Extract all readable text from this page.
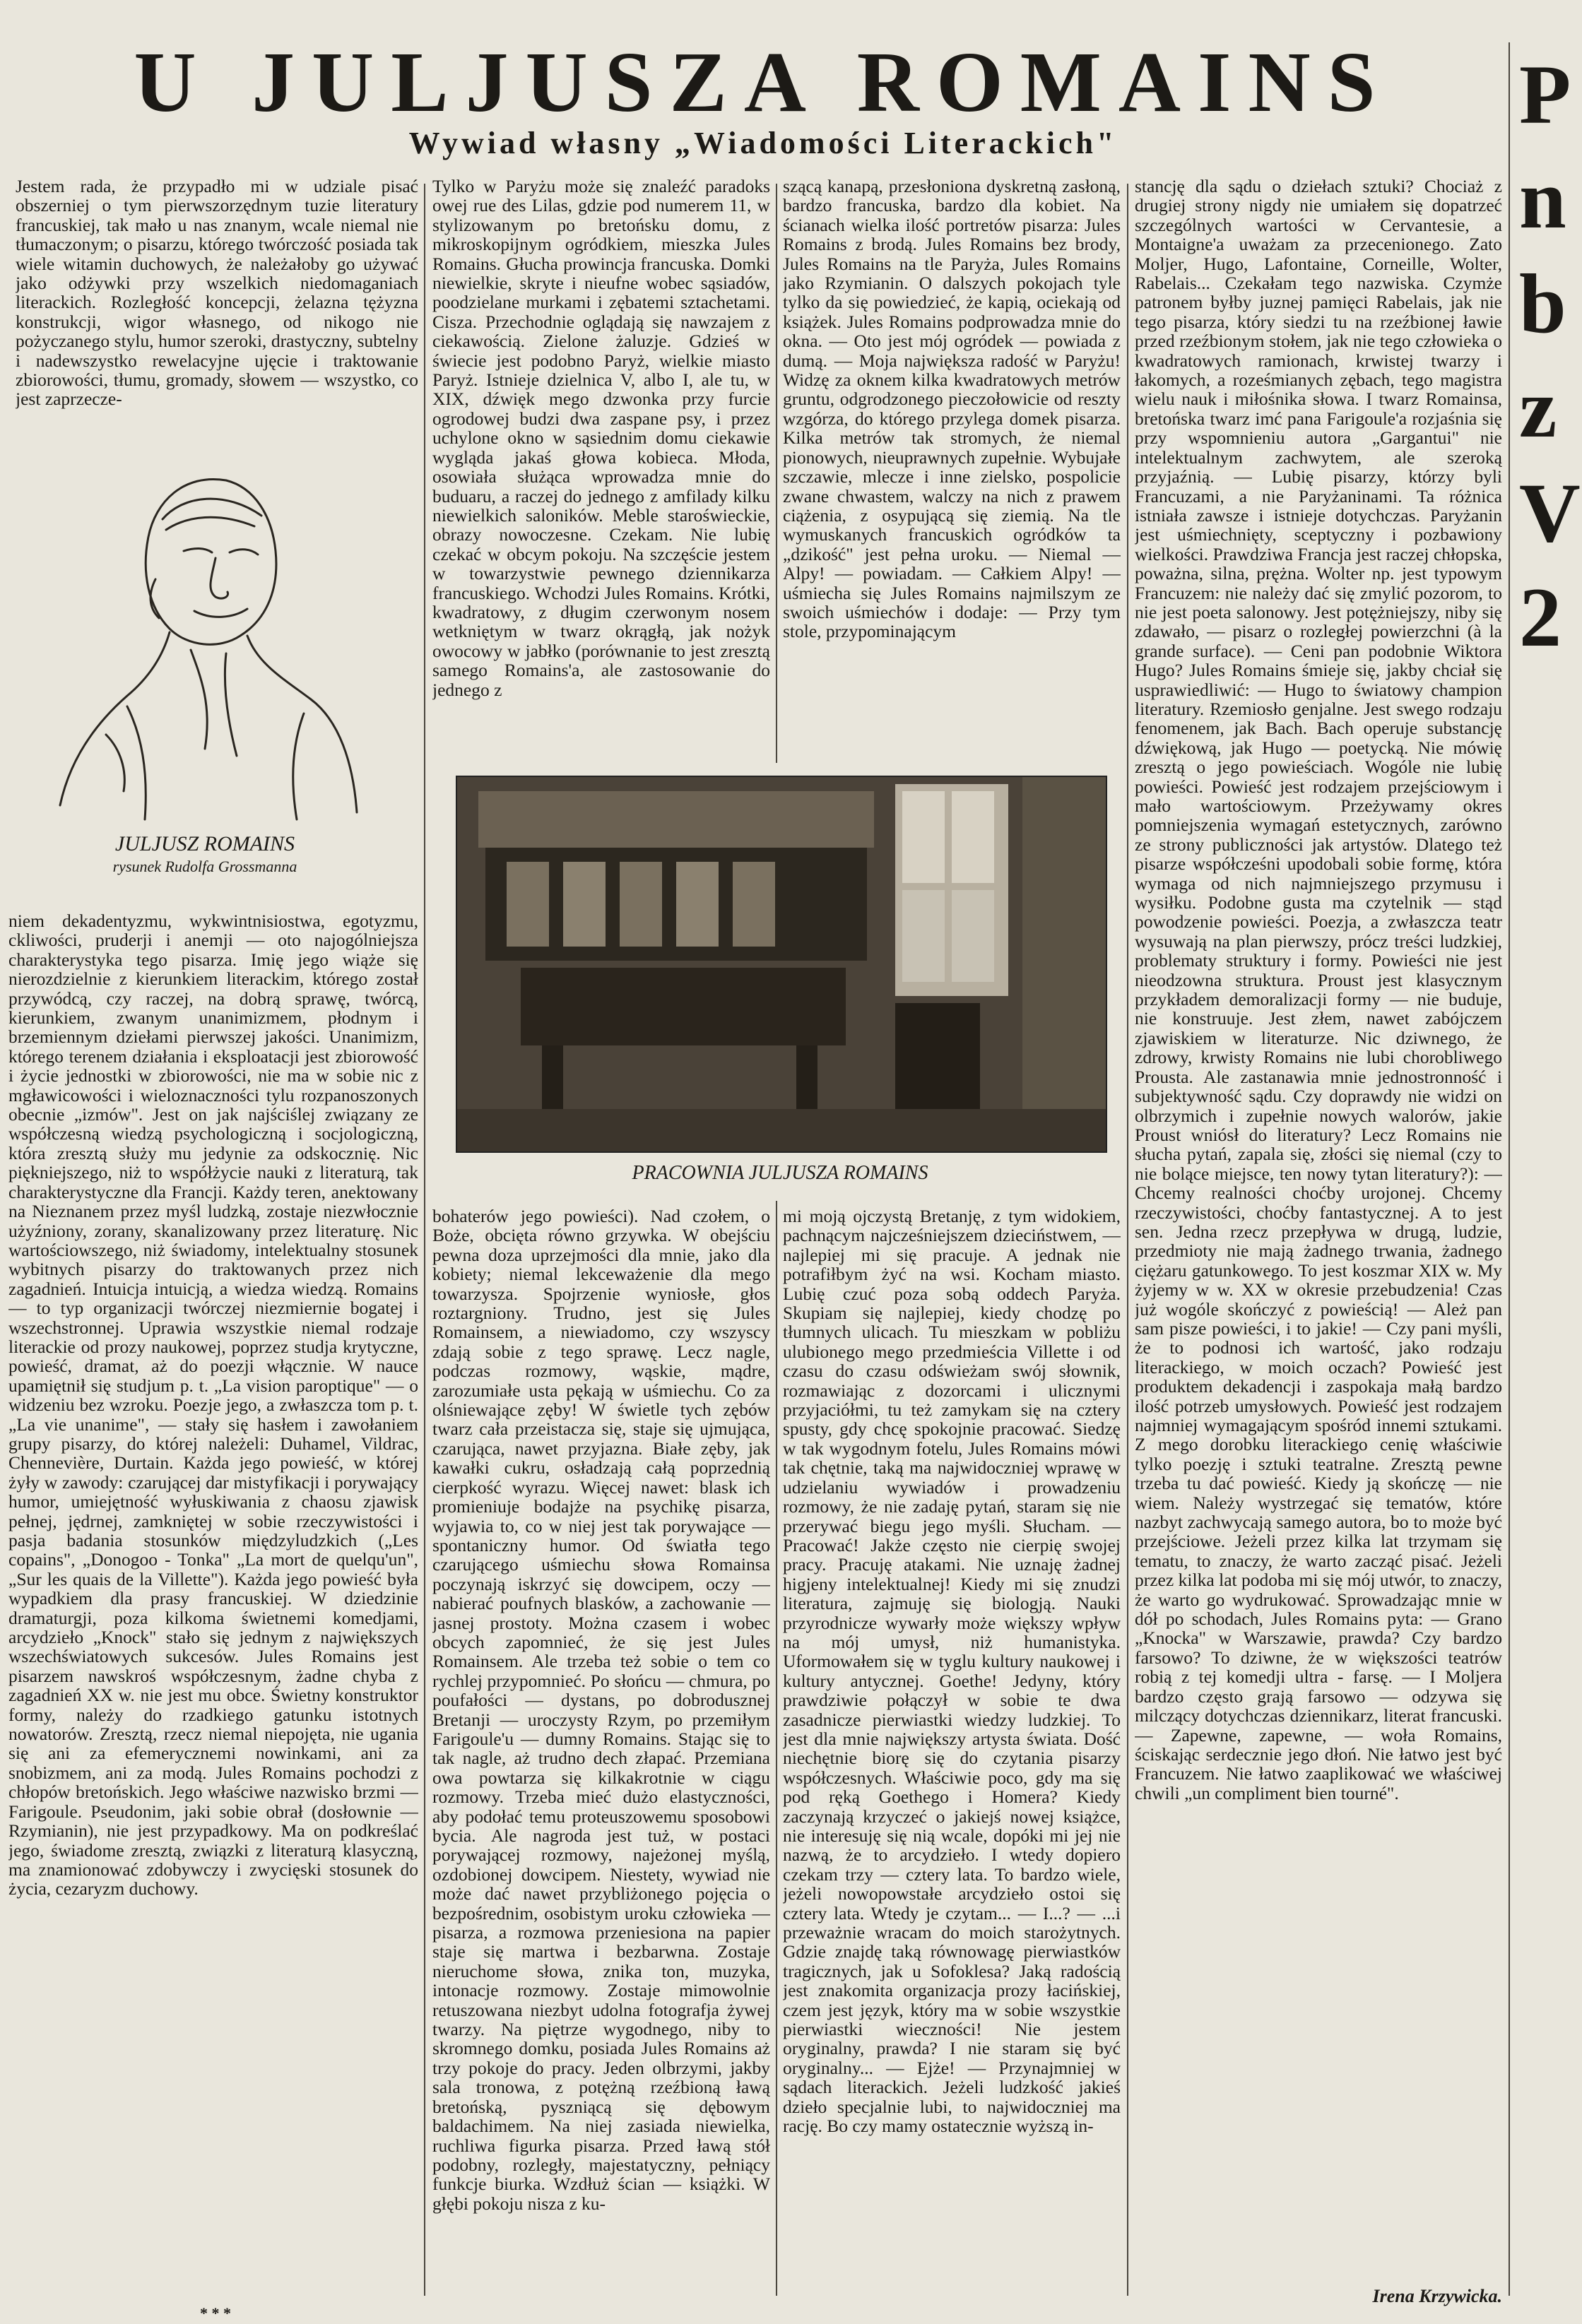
U JULJUSZA ROMAINS
Wywiad własny „Wiadomości Literackich"
P
n
b
z
V
2

Jestem rada, że przypadło mi w udziale pisać obszerniej o tym pierwszorzędnym tuzie literatury francuskiej, tak mało u nas znanym, wcale niemal nie tłumaczonym; o pisarzu, którego twórczość posiada tak wiele witamin duchowych, że należałoby go używać jako odżywki przy wszelkich niedomaganiach literackich. Rozległość koncepcji, żelazna tężyzna konstrukcji, wigor własnego, od nikogo nie pożyczanego stylu, humor szeroki, drastyczny, subtelny i nadewszystko rewelacyjne ujęcie i traktowanie zbiorowości, tłumu, gromady, słowem — wszystko, co jest zaprzecze-

JULJUSZ ROMAINS
rysunek Rudolfa Grossmanna

Tylko w Paryżu może się znaleźć paradoks owej rue des Lilas, gdzie pod numerem 11, w stylizowanym po bretońsku domu, z mikroskopijnym ogródkiem, mieszka Jules Romains. Głucha prowincja francuska. Domki niewielkie, skryte i nieufne wobec sąsiadów, poodzielane murkami i zębatemi sztachetami. Cisza. Przechodnie oglądają się nawzajem z ciekawością. Zielone żaluzje. Gdzieś w świecie jest podobno Paryż, wielkie miasto Paryż. Istnieje dzielnica V, albo I, ale tu, w XIX, dźwięk mego dzwonka przy furcie ogrodowej budzi dwa zaspane psy, i przez uchylone okno w sąsiednim domu ciekawie wygląda jakaś głowa kobieca. Młoda, osowiała służąca wprowadza mnie do buduaru, a raczej do jednego z amfilady kilku niewielkich saloników. Meble staroświeckie, obrazy nowoczesne. Czekam. Nie lubię czekać w obcym pokoju. Na szczęście jestem w towarzystwie pewnego dziennikarza francuskiego. Wchodzi Jules Romains. Krótki, kwadratowy, z długim czerwonym nosem wetkniętym w twarz okrągłą, jak nożyk owocowy w jabłko (porównanie to jest zresztą samego Romains'a, ale zastosowanie do jednego z

szącą kanapą, przesłoniona dyskretną zasłoną, bardzo francuska, bardzo dla kobiet. Na ścianach wielka ilość portretów pisarza: Jules Romains z brodą. Jules Romains bez brody, Jules Romains na tle Paryża, Jules Romains jako Rzymianin. O dalszych pokojach tyle tylko da się powiedzieć, że kapią, ociekają od książek. Jules Romains podprowadza mnie do okna. — Oto jest mój ogródek — powiada z dumą. — Moja największa radość w Paryżu! Widzę za oknem kilka kwadratowych metrów gruntu, odgrodzonego pieczołowicie od reszty wzgórza, do którego przylega domek pisarza. Kilka metrów tak stromych, że niemal pionowych, nieuprawnych zupełnie. Wybujałe szczawie, mlecze i inne zielsko, pospolicie zwane chwastem, walczy na nich z prawem ciążenia, z osypującą się ziemią. Na tle wymuskanych francuskich ogródków ta „dzikość" jest pełna uroku. — Niemal — Alpy! — powiadam. — Całkiem Alpy! — uśmiecha się Jules Romains najmilszym ze swoich uśmiechów i dodaje: — Przy tym stole, przypominającym

PRACOWNIA JULJUSZA ROMAINS

niem dekadentyzmu, wykwintnisiostwa, egotyzmu, ckliwości, pruderji i anemji — oto najogólniejsza charakterystyka tego pisarza. Imię jego wiąże się nierozdzielnie z kierunkiem literackim, którego został przywódcą, czy raczej, na dobrą sprawę, twórcą, kierunkiem, zwanym unanimizmem, płodnym i brzemiennym dziełami pierwszej jakości. Unanimizm, którego terenem działania i eksploatacji jest zbiorowość i życie jednostki w zbiorowości, nie ma w sobie nic z mgławicowości i wieloznaczności tylu rozpanoszonych obecnie „izmów". Jest on jak najściślej związany ze współczesną wiedzą psychologiczną i socjologiczną, która zresztą służy mu jedynie za odskocznię. Nic piękniejszego, niż to współżycie nauki z literaturą, tak charakterystyczne dla Francji. Każdy teren, anektowany na Nieznanem przez myśl ludzką, zostaje niezwłocznie użyźniony, zorany, skanalizowany przez literaturę. Nic wartościowszego, niż świadomy, intelektualny stosunek wybitnych pisarzy do traktowanych przez nich zagadnień. Intuicja intuicją, a wiedza wiedzą. Romains — to typ organizacji twórczej niezmiernie bogatej i wszechstronnej. Uprawia wszystkie niemal rodzaje literackie od prozy naukowej, poprzez studja krytyczne, powieść, dramat, aż do poezji włącznie. W nauce upamiętnił się studjum p. t. „La vision paroptique" — o widzeniu bez wzroku. Poezje jego, a zwłaszcza tom p. t. „La vie unanime", — stały się hasłem i zawołaniem grupy pisarzy, do której należeli: Duhamel, Vildrac, Chennevière, Durtain. Każda jego powieść, w której żyły w zawody: czarującej dar mistyfikacji i porywający humor, umiejętność wyłuskiwania z chaosu zjawisk pełnej, jędrnej, zamkniętej w sobie rzeczywistości i pasja badania stosunków międzyludzkich („Les copains", „Donogoo - Tonka" „La mort de quelqu'un", „Sur les quais de la Villette"). Każda jego powieść była wypadkiem dla prasy francuskiej. W dziedzinie dramaturgji, poza kilkoma świetnemi komedjami, arcydzieło „Knock" stało się jednym z największych wszechświatowych sukcesów. Jules Romains jest pisarzem nawskroś współczesnym, żadne chyba z zagadnień XX w. nie jest mu obce. Świetny konstruktor formy, należy do rzadkiego gatunku istotnych nowatorów. Zresztą, rzecz niemal niepojęta, nie ugania się ani za efemerycznemi nowinkami, ani za snobizmem, ani za modą. Jules Romains pochodzi z chłopów bretońskich. Jego właściwe nazwisko brzmi — Farigoule. Pseudonim, jaki sobie obrał (dosłownie — Rzymianin), nie jest przypadkowy. Ma on podkreślać jego, świadome zresztą, związki z literaturą klasyczną, ma znamionować zdobywczy i zwycięski stosunek do życia, cezaryzm duchowy.

* * *

bohaterów jego powieści). Nad czołem, o Boże, obcięta równo grzywka. W obejściu pewna doza uprzejmości dla mnie, jako dla kobiety; niemal lekceważenie dla mego towarzysza. Spojrzenie wyniosłe, głos roztargniony. Trudno, jest się Jules Romainsem, a niewiadomo, czy wszyscy zdają sobie z tego sprawę. Lecz nagle, podczas rozmowy, wąskie, mądre, zarozumiałe usta pękają w uśmiechu. Co za olśniewające zęby! W świetle tych zębów twarz cała przeistacza się, staje się ujmująca, czarująca, nawet przyjazna. Białe zęby, jak kawałki cukru, osładzają całą poprzednią cierpkość wyrazu. Więcej nawet: blask ich promieniuje bodajże na psychikę pisarza, wyjawia to, co w niej jest tak porywające — spontaniczny humor. Od światła tego czarującego uśmiechu słowa Romainsa poczynają iskrzyć się dowcipem, oczy — nabierać poufnych blasków, a zachowanie — jasnej prostoty. Można czasem i wobec obcych zapomnieć, że się jest Jules Romainsem. Ale trzeba też sobie o tem co rychlej przypomnieć. Po słońcu — chmura, po poufałości — dystans, po dobrodusznej Bretanji — uroczysty Rzym, po przemiłym Farigoule'u — dumny Romains. Stając się to tak nagle, aż trudno dech złapać. Przemiana owa powtarza się kilkakrotnie w ciągu rozmowy. Trzeba mieć dużo elastyczności, aby podołać temu proteuszowemu sposobowi bycia. Ale nagroda jest tuż, w postaci porywającej rozmowy, najeżonej myślą, ozdobionej dowcipem. Niestety, wywiad nie może dać nawet przybliżonego pojęcia o bezpośrednim, osobistym uroku człowieka — pisarza, a rozmowa przeniesiona na papier staje się martwa i bezbarwna. Zostaje nieruchome słowa, znika ton, muzyka, intonacje rozmowy. Zostaje mimowolnie retuszowana niezbyt udolna fotografja żywej twarzy. Na piętrze wygodnego, niby to skromnego domku, posiada Jules Romains aż trzy pokoje do pracy. Jeden olbrzymi, jakby sala tronowa, z potężną rzeźbioną ławą bretońską, pyszniącą się dębowym baldachimem. Na niej zasiada niewielka, ruchliwa figurka pisarza. Przed ławą stół podobny, rozległy, majestatyczny, pełniący funkcje biurka. Wzdłuż ścian — książki. W głębi pokoju nisza z ku-

mi moją ojczystą Bretanję, z tym widokiem, pachnącym najcześniejszem dzieciństwem, — najlepiej mi się pracuje. A jednak nie potrafiłbym żyć na wsi. Kocham miasto. Lubię czuć poza sobą oddech Paryża. Skupiam się najlepiej, kiedy chodzę po tłumnych ulicach. Tu mieszkam w pobliżu ulubionego mego przedmieścia Villette i od czasu do czasu odświeżam swój słownik, rozmawiając z dozorcami i ulicznymi przyjaciółmi, tu też zamykam się na cztery spusty, gdy chcę spokojnie pracować. Siedzę w tak wygodnym fotelu, Jules Romains mówi tak chętnie, taką ma najwidoczniej wprawę w udzielaniu wywiadów i prowadzeniu rozmowy, że nie zadaję pytań, staram się nie przerywać biegu jego myśli. Słucham. — Pracować! Jakże często nie cierpię swojej pracy. Pracuję atakami. Nie uznaję żadnej higjeny intelektualnej! Kiedy mi się znudzi literatura, zajmuję się biologją. Nauki przyrodnicze wywarły może większy wpływ na mój umysł, niż humanistyka. Uformowałem się w tyglu kultury naukowej i kultury antycznej. Goethe! Jedyny, który prawdziwie połączył w sobie te dwa zasadnicze pierwiastki wiedzy ludzkiej. To jest dla mnie największy artysta świata. Dość niechętnie biorę się do czytania pisarzy współczesnych. Właściwie poco, gdy ma się pod ręką Goethego i Homera? Kiedy zaczynają krzyczeć o jakiejś nowej książce, nie interesuję się nią wcale, dopóki mi jej nie nazwą, że to arcydzieło. I wtedy dopiero czekam trzy — cztery lata. To bardzo wiele, jeżeli nowopowstałe arcydzieło ostoi się cztery lata. Wtedy je czytam... — I...? — ...i przeważnie wracam do moich starożytnych. Gdzie znajdę taką równowagę pierwiastków tragicznych, jak u Sofoklesa? Jaką radością jest znakomita organizacja prozy łacińskiej, czem jest język, który ma w sobie wszystkie pierwiastki wieczności! Nie jestem oryginalny, prawda? I nie staram się być oryginalny... — Ejże! — Przynajmniej w sądach literackich. Jeżeli ludzkość jakieś dzieło specjalnie lubi, to najwidoczniej ma rację. Bo czy mamy ostatecznie wyższą in-

stancję dla sądu o dziełach sztuki? Chociaż z drugiej strony nigdy nie umiałem się dopatrzeć szczególnych wartości w Cervantesie, a Montaigne'a uważam za przecenionego. Zato Moljer, Hugo, Lafontaine, Corneille, Wolter, Rabelais... Czekałam tego nazwiska. Czymże patronem byłby juznej pamięci Rabelais, jak nie tego pisarza, który siedzi tu na rzeźbionej ławie przed rzeźbionym stołem, jak nie tego człowieka o kwadratowych ramionach, krwistej twarzy i łakomych, a roześmianych zębach, tego magistra wielu nauk i miłośnika słowa. I twarz Romainsa, bretońska twarz imć pana Farigoule'a rozjaśnia się przy wspomnieniu autora „Gargantui" nie intelektualnym zachwytem, ale szeroką przyjaźnią. — Lubię pisarzy, którzy byli Francuzami, a nie Paryżaninami. Ta różnica istniała zawsze i istnieje dotychczas. Paryżanin jest uśmiechnięty, sceptyczny i pozbawiony wielkości. Prawdziwa Francja jest raczej chłopska, poważna, silna, prężna. Wolter np. jest typowym Francuzem: nie należy dać się zmylić pozorom, to nie jest poeta salonowy. Jest potężniejszy, niby się zdawało, — pisarz o rozległej powierzchni (à la grande surface). — Ceni pan podobnie Wiktora Hugo? Jules Romains śmieje się, jakby chciał się usprawiedliwić: — Hugo to światowy champion literatury. Rzemiosło genjalne. Jest swego rodzaju fenomenem, jak Bach. Bach operuje substancję dźwiękową, jak Hugo — poetycką. Nie mówię zresztą o jego powieściach. Wogóle nie lubię powieści. Powieść jest rodzajem przejściowym i mało wartościowym. Przeżywamy okres pomniejszenia wymagań estetycznych, zarówno ze strony publiczności jak artystów. Dlatego też pisarze współcześni upodobali sobie formę, która wymaga od nich najmniejszego przymusu i wysiłku. Podobne gusta ma czytelnik — stąd powodzenie powieści. Poezja, a zwłaszcza teatr wysuwają na plan pierwszy, prócz treści ludzkiej, problematy struktury i formy. Powieści nie jest nieodzowna struktura. Proust jest klasycznym przykładem demoralizacji formy — nie buduje, nie konstruuje. Jest złem, nawet zabójczem zjawiskiem w literaturze. Nic dziwnego, że zdrowy, krwisty Romains nie lubi chorobliwego Prousta. Ale zastanawia mnie jednostronność i subjektywność sądu. Czy doprawdy nie widzi on olbrzymich i zupełnie nowych walorów, jakie Proust wniósł do literatury? Lecz Romains nie słucha pytań, zapala się, złości się niemal (czy to nie bolące miejsce, ten nowy tytan literatury?): — Chcemy realności choćby urojonej. Chcemy rzeczywistości, choćby fantastycznej. A to jest sen. Jedna rzecz przepływa w drugą, ludzie, przedmioty nie mają żadnego trwania, żadnego ciężaru gatunkowego. To jest koszmar XIX w. My żyjemy w w. XX w okresie przebudzenia! Czas już wogóle skończyć z powieścią! — Ależ pan sam pisze powieści, i to jakie! — Czy pani myśli, że to podnosi ich wartość, jako rodzaju literackiego, w moich oczach? Powieść jest produktem dekadencji i zaspokaja małą bardzo ilość potrzeb umysłowych. Powieść jest rodzajem najmniej wymagającym spośród innemi sztukami. Z mego dorobku literackiego cenię właściwie tylko poezję i sztuki teatralne. Zresztą pewne trzeba tu dać powieść. Kiedy ją skończę — nie wiem. Należy wystrzegać się tematów, które nazbyt zachwycają samego autora, bo to może być przejściowe. Jeżeli przez kilka lat trzymam się tematu, to znaczy, że warto zacząć pisać. Jeżeli przez kilka lat podoba mi się mój utwór, to znaczy, że warto go wydrukować. Sprowadzając mnie w dół po schodach, Jules Romains pyta: — Grano „Knocka" w Warszawie, prawda? Czy bardzo farsowo? To dziwne, że w większości teatrów robią z tej komedji ultra - farsę. — I Moljera bardzo często grają farsowo — odzywa się milczący dotychczas dziennikarz, literat francuski. — Zapewne, zapewne, — woła Romains, ściskając serdecznie jego dłoń. Nie łatwo jest być Francuzem. Nie łatwo zaaplikować we właściwej chwili „un compliment bien tourné".

Irena Krzywicka.
